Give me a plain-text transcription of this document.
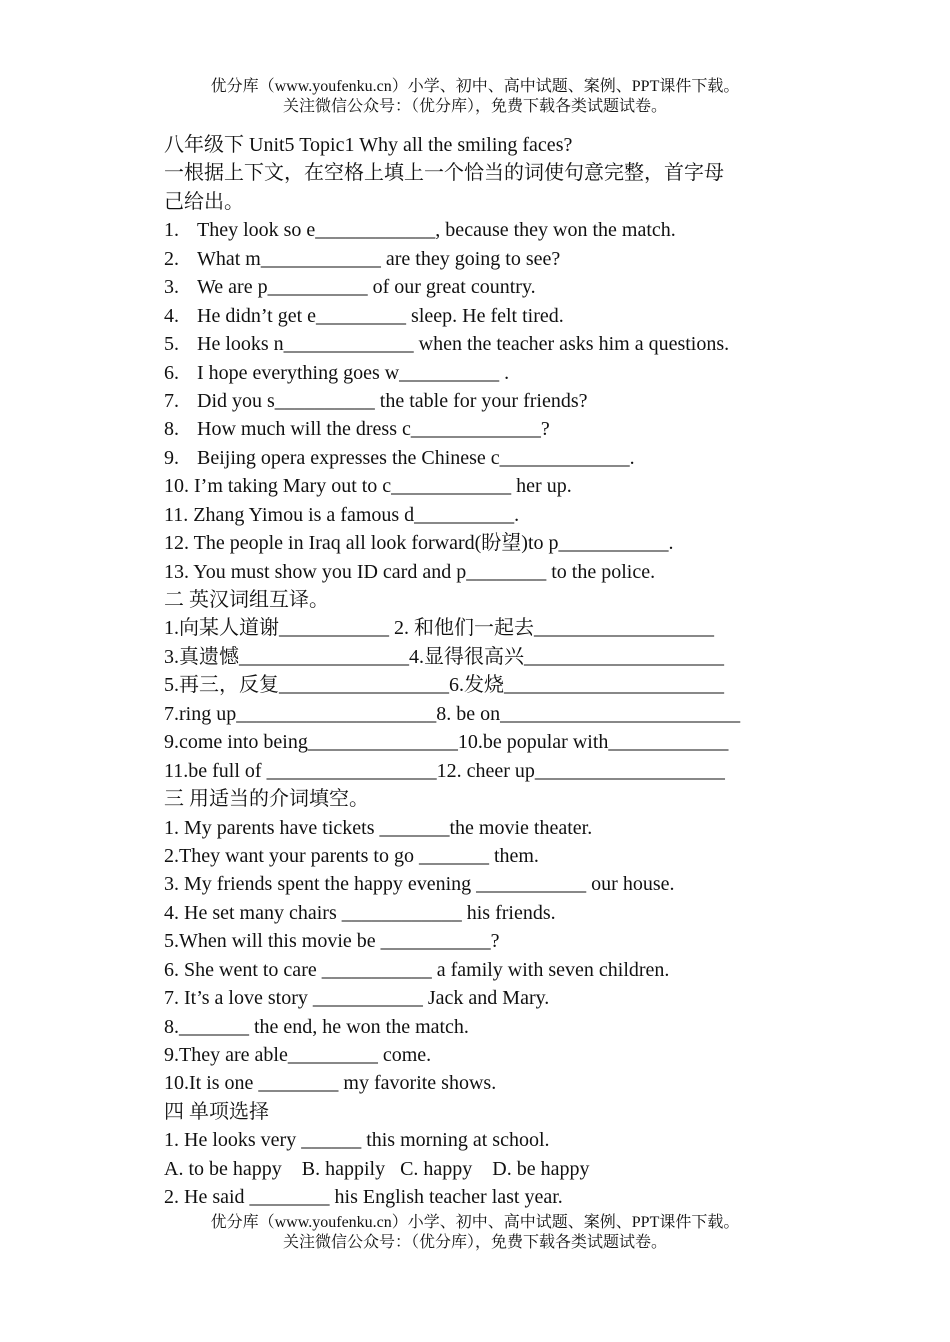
优分库（www.youfenku.cn）小学、初中、高中试题、案例、PPT课件下载。
关注微信公众号：（优分库），免费下载各类试题试卷。
八年级下 Unit5 Topic1 Why all the smiling faces?
一根据上下文，在空格上填上一个恰当的词使句意完整，首字母
己给出。
1. They look so e____________, because they won the match.
2. What m____________ are they going to see?
3. We are p__________ of our great country.
4. He didn’t get e_________ sleep. He felt tired.
5. He looks n_____________ when the teacher asks him a questions.
6. I hope everything goes w__________ .
7. Did you s__________ the table for your friends?
8. How much will the dress c_____________?
9. Beijing opera expresses the Chinese c_____________.
10. I’m taking Mary out to c____________ her up.
11. Zhang Yimou is a famous d__________.
12. The people in Iraq all look forward(盼望)to p___________.
13. You must show you ID card and p________ to the police.
二 英汉词组互译。
1.向某人道谢___________ 2. 和他们一起去__________________
3.真遗憾_________________4.显得很高兴____________________
5.再三，反复_________________6.发烧______________________
7.ring up____________________8. be on________________________
9.come into being_______________10.be popular with____________
11.be full of _________________12. cheer up___________________
三 用适当的介词填空。
1. My parents have tickets _______the movie theater.
2.They want your parents to go _______ them.
3. My friends spent the happy evening ___________ our house.
4. He set many chairs ____________ his friends.
5.When will this movie be ___________?
6. She went to care ___________ a family with seven children.
7. It’s a love story ___________ Jack and Mary.
8._______ the end, he won the match.
9.They are able_________ come.
10.It is one ________ my favorite shows.
四 单项选择
1. He looks very ______ this morning at school.
A. to be happy    B. happily   C. happy    D. be happy
2. He said ________ his English teacher last year.
优分库（www.youfenku.cn）小学、初中、高中试题、案例、PPT课件下载。
关注微信公众号：（优分库），免费下载各类试题试卷。
